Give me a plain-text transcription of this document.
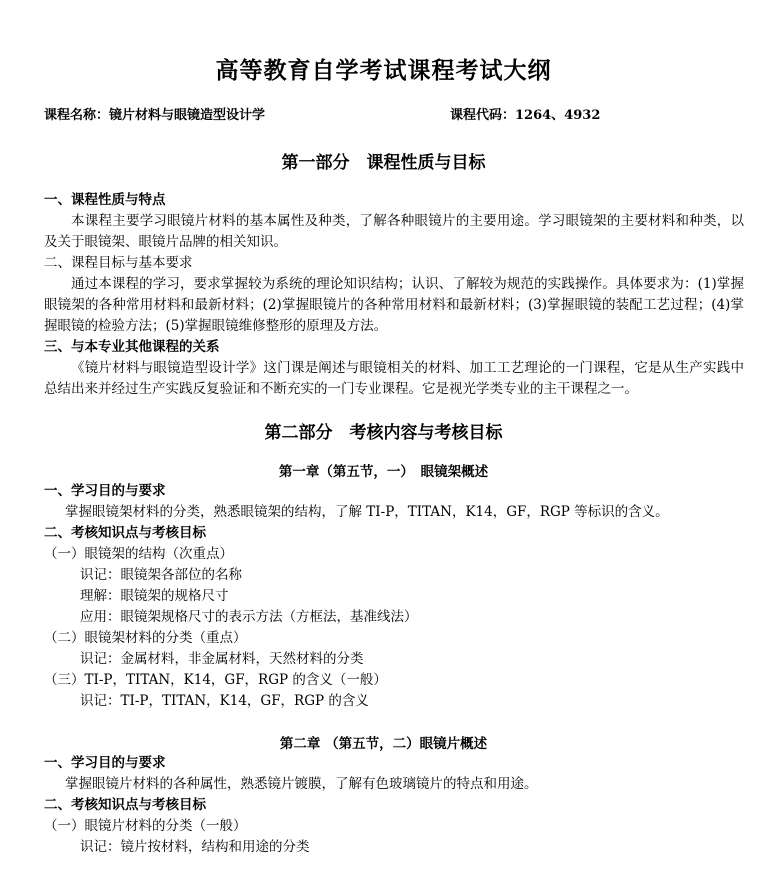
高等教育自学考试课程考试大纲
课程名称：镜片材料与眼镜造型设计学	课程代码：1264、4932
第一部分　课程性质与目标
一、课程性质与特点
本课程主要学习眼镜片材料的基本属性及种类，了解各种眼镜片的主要用途。学习眼镜架的主要材料和种类，以及关于眼镜架、眼镜片品牌的相关知识。
二、课程目标与基本要求
通过本课程的学习，要求掌握较为系统的理论知识结构；认识、了解较为规范的实践操作。具体要求为：(1)掌握眼镜架的各种常用材料和最新材料；(2)掌握眼镜片的各种常用材料和最新材料；(3)掌握眼镜的装配工艺过程；(4)掌握眼镜的检验方法；(5)掌握眼镜维修整形的原理及方法。
三、与本专业其他课程的关系
《镜片材料与眼镜造型设计学》这门课是阐述与眼镜相关的材料、加工工艺理论的一门课程，它是从生产实践中总结出来并经过生产实践反复验证和不断充实的一门专业课程。它是视光学类专业的主干课程之一。
第二部分　考核内容与考核目标
第一章（第五节，一）　眼镜架概述
一、学习目的与要求
掌握眼镜架材料的分类，熟悉眼镜架的结构，了解 TI-P，TITAN，K14，GF，RGP 等标识的含义。
二、考核知识点与考核目标
（一）眼镜架的结构（次重点）
识记：眼镜架各部位的名称
理解：眼镜架的规格尺寸
应用：眼镜架规格尺寸的表示方法（方框法，基准线法）
（二）眼镜架材料的分类（重点）
识记：金属材料，非金属材料，天然材料的分类
（三）TI-P，TITAN，K14，GF，RGP 的含义（一般）
识记：TI-P，TITAN，K14，GF，RGP 的含义
第二章 （第五节，二）眼镜片概述
一、学习目的与要求
掌握眼镜片材料的各种属性，熟悉镜片镀膜，了解有色玻璃镜片的特点和用途。
二、考核知识点与考核目标
（一）眼镜片材料的分类（一般）
识记：镜片按材料，结构和用途的分类
